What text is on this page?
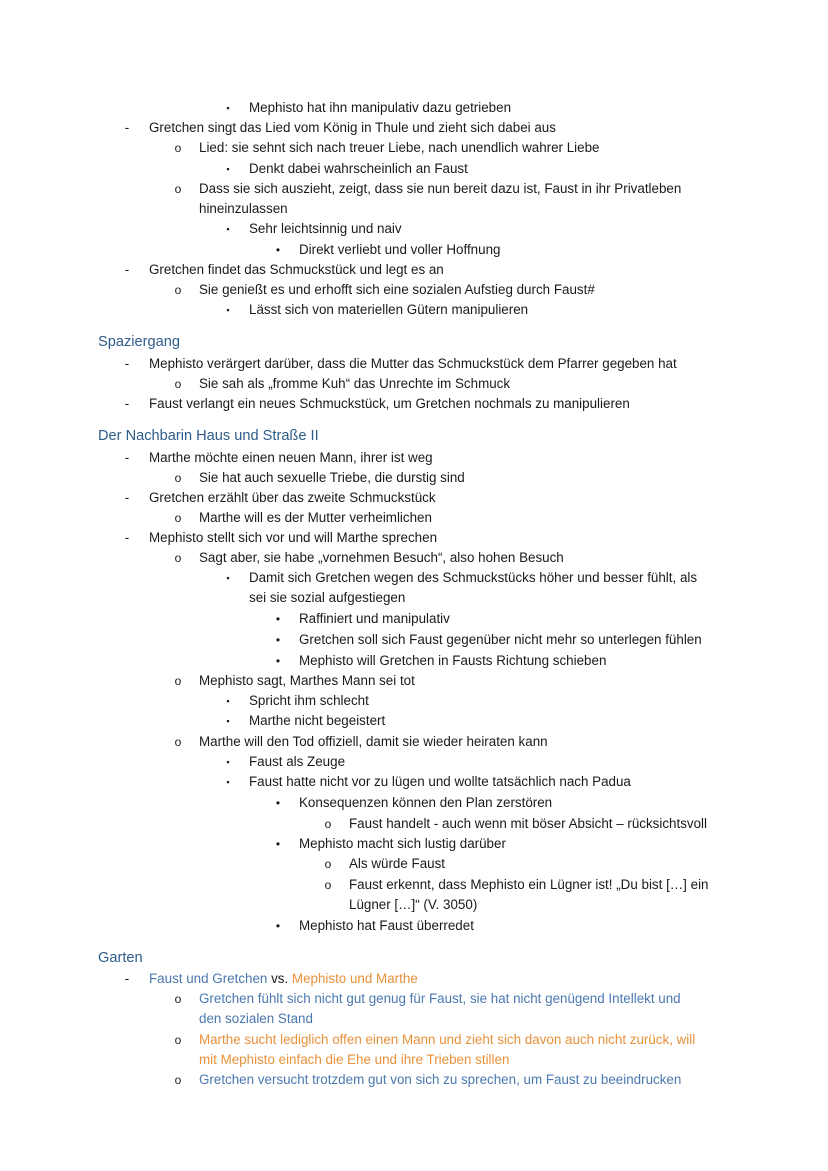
▪	Mephisto hat ihn manipulativ dazu getrieben
-	Gretchen singt das Lied vom König in Thule und zieht sich dabei aus
o Lied: sie sehnt sich nach treuer Liebe, nach unendlich wahrer Liebe
▪	Denkt dabei wahrscheinlich an Faust
o Dass sie sich auszieht, zeigt, dass sie nun bereit dazu ist, Faust in ihr Privatleben
hineinzulassen
▪	Sehr leichtsinnig und naiv
•	Direkt verliebt und voller Hoffnung
-	Gretchen findet das Schmuckstück und legt es an
o Sie genießt es und erhofft sich eine sozialen Aufstieg durch Faust#
▪	Lässt sich von materiellen Gütern manipulieren
Spaziergang
-	Mephisto verärgert darüber, dass die Mutter das Schmuckstück dem Pfarrer gegeben hat
o Sie sah als „fromme Kuh“ das Unrechte im Schmuck
-	Faust verlangt ein neues Schmuckstück, um Gretchen nochmals zu manipulieren
Der Nachbarin Haus und Straße II
-	Marthe möchte einen neuen Mann, ihrer ist weg
o Sie hat auch sexuelle Triebe, die durstig sind
-	Gretchen erzählt über das zweite Schmuckstück
o Marthe will es der Mutter verheimlichen
-	Mephisto stellt sich vor und will Marthe sprechen
o Sagt aber, sie habe „vornehmen Besuch“, also hohen Besuch
▪	Damit sich Gretchen wegen des Schmuckstücks höher und besser fühlt, als
sei sie sozial aufgestiegen
•	Raffiniert und manipulativ
•	Gretchen soll sich Faust gegenüber nicht mehr so unterlegen fühlen
•	Mephisto will Gretchen in Fausts Richtung schieben
o Mephisto sagt, Marthes Mann sei tot
▪	Spricht ihm schlecht
▪	Marthe nicht begeistert
o Marthe will den Tod offiziell, damit sie wieder heiraten kann
▪	Faust als Zeuge
▪	Faust hatte nicht vor zu lügen und wollte tatsächlich nach Padua
•	Konsequenzen können den Plan zerstören
o Faust handelt - auch wenn mit böser Absicht – rücksichtsvoll
•	Mephisto macht sich lustig darüber
o Als würde Faust
o Faust erkennt, dass Mephisto ein Lügner ist! „Du bist […] ein
Lügner […]“ (V. 3050)
•	Mephisto hat Faust überredet
Garten
-	Faust und Gretchen vs. Mephisto und Marthe
o Gretchen fühlt sich nicht gut genug für Faust, sie hat nicht genügend Intellekt und
den sozialen Stand
o Marthe sucht lediglich offen einen Mann und zieht sich davon auch nicht zurück, will
mit Mephisto einfach die Ehe und ihre Trieben stillen
o Gretchen versucht trotzdem gut von sich zu sprechen, um Faust zu beeindrucken
